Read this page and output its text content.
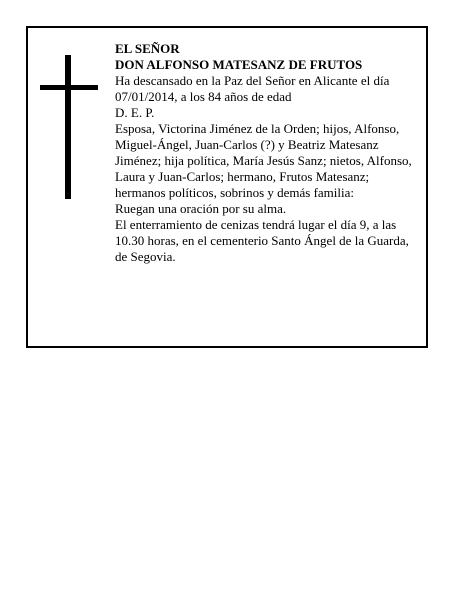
EL SEÑOR

DON ALFONSO MATESANZ DE FRUTOS

Ha descansado en la Paz del Señor en Alicante el día 07/01/2014, a los 84 años de edad

D. E. P.

Esposa, Victorina Jiménez de la Orden; hijos, Alfonso, Miguel-Ángel, Juan-Carlos (?) y Beatriz Matesanz Jiménez; hija política, María Jesús Sanz; nietos, Alfonso, Laura y Juan-Carlos; hermano, Frutos Matesanz; hermanos políticos, sobrinos y demás familia:

Ruegan una oración por su alma.

El enterramiento de cenizas tendrá lugar el día 9, a las 10.30 horas, en el cementerio Santo Ángel de la Guarda, de Segovia.
